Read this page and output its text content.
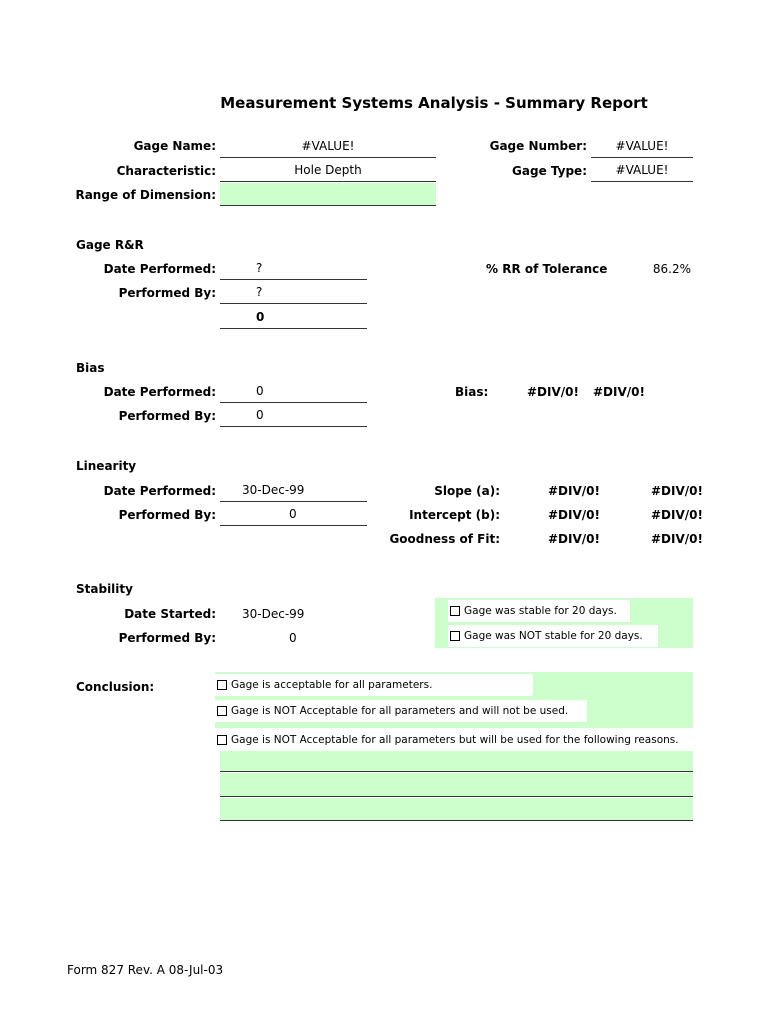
Measurement Systems Analysis - Summary Report
Gage Name:	#VALUE!	Gage Number:	#VALUE!
Characteristic:	Hole Depth	Gage Type:	#VALUE!
Range of Dimension:
Gage R&R
Date Performed:	?
Performed By:	?
0
% RR of Tolerance	86.2%
Bias
Date Performed:	0
Performed By:	0
Bias:	#DIV/0! #DIV/0!
Linearity
Date Performed:	30-Dec-99
Performed By:	0
Slope (a):	#DIV/0!	#DIV/0!
Intercept (b):	#DIV/0!	#DIV/0!
Goodness of Fit:	#DIV/0!	#DIV/0!
Stability
Date Started: 30-Dec-99
Performed By:	0
Gage was stable for 20 days.
Gage was NOT stable for 20 days.
Conclusion:	Gage is acceptable for all parameters.
Gage is NOT Acceptable for all parameters and will not be used.
Gage is NOT Acceptable for all parameters but will be used for the following reasons.
Form 827 Rev. A 08-Jul-03
